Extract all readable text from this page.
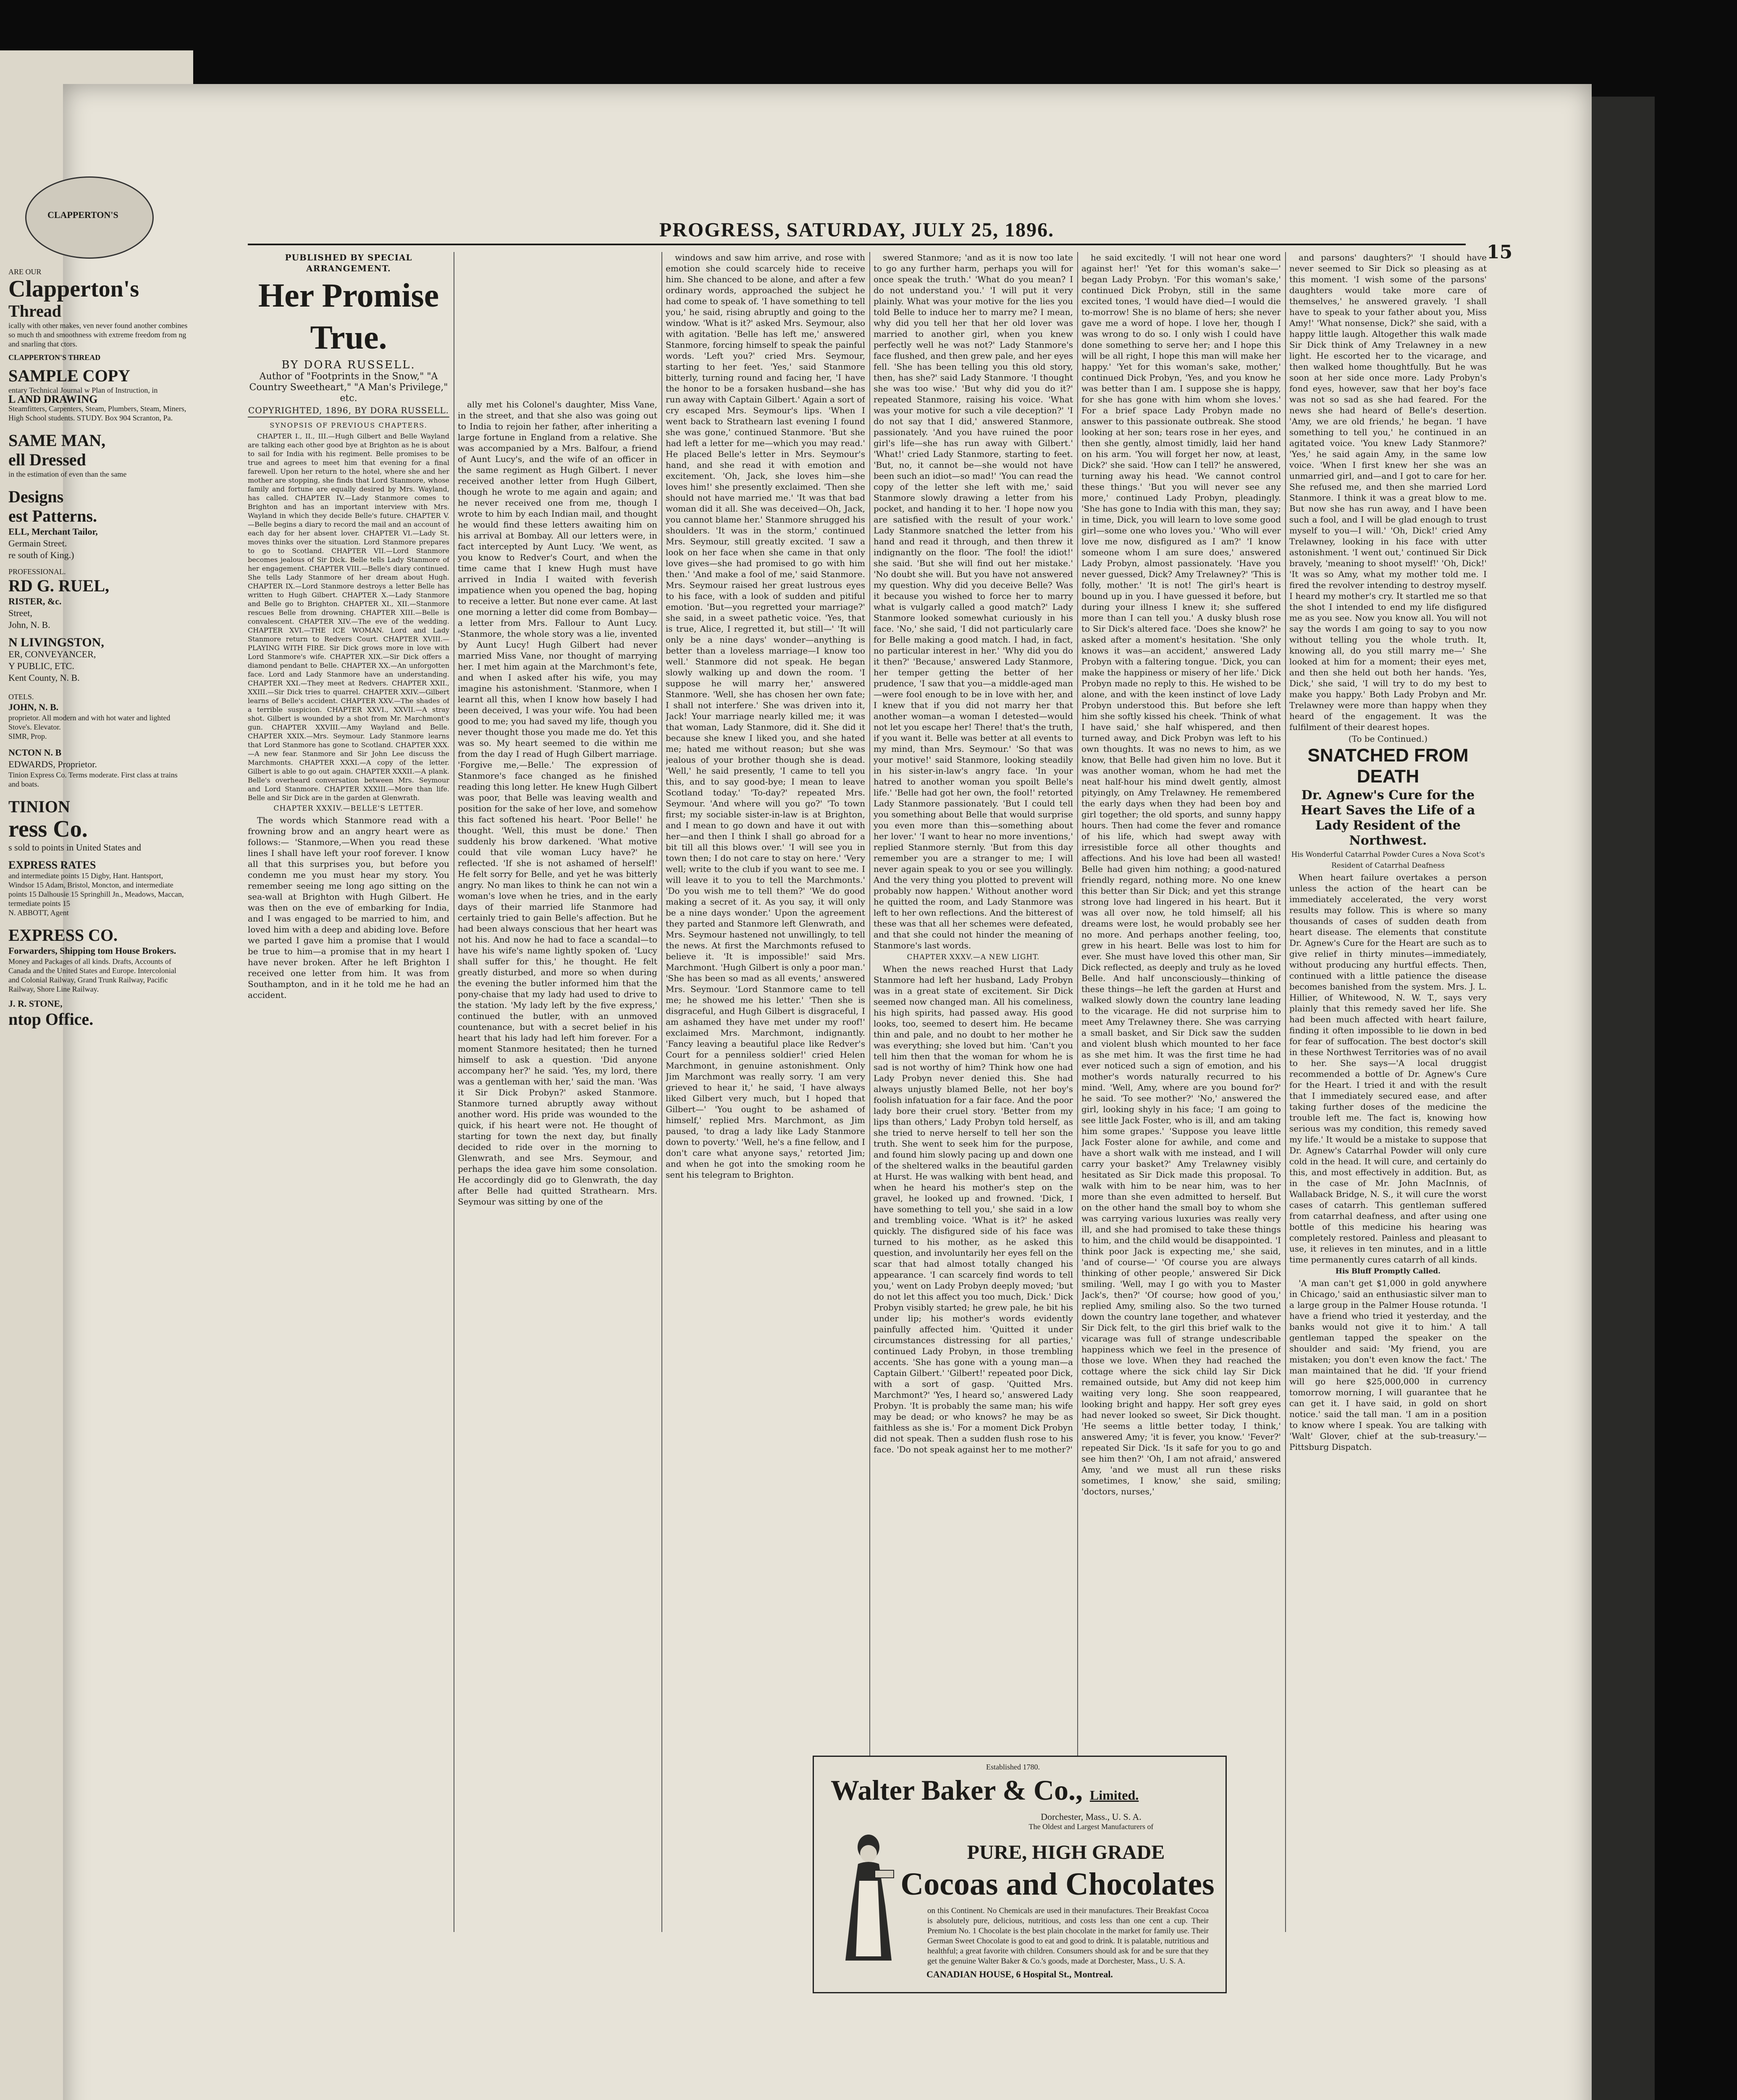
CLAPPERTON'S
ARE OUR
Clapperton's
Thread
ically with other makes, ven never found another combines so much th and smoothness with extreme freedom from ng and snarling that ctors.
CLAPPERTON'S THREAD
SAMPLE COPY
entary Technical Journal w Plan of Instruction, in
L AND DRAWING
Steamfitters, Carpenters, Steam, Plumbers, Steam, Miners, High School students. STUDY. Box 904 Scranton, Pa.
SAME MAN,
ell Dressed
in the estimation of even than the same
Designs
est Patterns.
ELL, Merchant Tailor,
Germain Street.
re south of King.)
PROFESSIONAL.
RD G. RUEL,
RISTER, &c.
Street,
John, N. B.
N LIVINGSTON,
ER, CONVEYANCER,
Y PUBLIC, ETC.
Kent County, N. B.
OTELS.
JOHN, N. B.
proprietor. All modern and with hot water and lighted Stove's. Elevator.
SIMR, Prop.
NCTON N. B
EDWARDS, Proprietor.
Tinion Express Co. Terms moderate. First class at trains and boats.
TINION
ress Co.
s sold to points in United States and
EXPRESS RATES
and intermediate points 15 Digby, Hant. Hantsport, Windsor 15 Adam, Bristol, Moncton, and intermediate points 15 Dalhousie 15 Springhill Jn., Meadows, Maccan, termediate points 15
N. ABBOTT, Agent
EXPRESS CO.
Forwarders, Shipping tom House Brokers.
Money and Packages of all kinds. Drafts, Accounts of Canada and the United States and Europe. Intercolonial and Colonial Railway, Grand Trunk Railway, Pacific Railway, Shore Line Railway.
J. R. STONE,
ntop Office.
PROGRESS, SATURDAY, JULY 25, 1896.
15

PUBLISHED BY SPECIAL ARRANGEMENT.

Her Promise True.

BY DORA RUSSELL.

Author of "Footprints in the Snow," "A Country Sweetheart," "A Man's Privilege," etc.

COPYRIGHTED, 1896, BY DORA RUSSELL.

SYNOPSIS OF PREVIOUS CHAPTERS.

CHAPTER I., II., III.—Hugh Gilbert and Belle Wayland are talking each other good bye at Brighton as he is about to sail for India with his regiment. Belle promises to be true and agrees to meet him that evening for a final farewell. Upon her return to the hotel, where she and her mother are stopping, she finds that Lord Stanmore, whose family and fortune are equally desired by Mrs. Wayland, has called. CHAPTER IV.—Lady Stanmore comes to Brighton and has an important interview with Mrs. Wayland in which they decide Belle's future. CHAPTER V.—Belle begins a diary to record the mail and an account of each day for her absent lover. CHAPTER VI.—Lady St. moves thinks over the situation. Lord Stanmore prepares to go to Scotland. CHAPTER VII.—Lord Stanmore becomes jealous of Sir Dick. Belle tells Lady Stanmore of her engagement. CHAPTER VIII.—Belle's diary continued. She tells Lady Stanmore of her dream about Hugh. CHAPTER IX.—Lord Stanmore destroys a letter Belle has written to Hugh Gilbert. CHAPTER X.—Lady Stanmore and Belle go to Brighton. CHAPTER XI., XII.—Stanmore rescues Belle from drowning. CHAPTER XIII.—Belle is convalescent. CHAPTER XIV.—The eve of the wedding. CHAPTER XVI.—THE ICE WOMAN. Lord and Lady Stanmore return to Redvers Court. CHAPTER XVIII.—PLAYING WITH FIRE. Sir Dick grows more in love with Lord Stanmore's wife. CHAPTER XIX.—Sir Dick offers a diamond pendant to Belle. CHAPTER XX.—An unforgotten face. Lord and Lady Stanmore have an understanding. CHAPTER XXI.—They meet at Redvers. CHAPTER XXII., XXIII.—Sir Dick tries to quarrel. CHAPTER XXIV.—Gilbert learns of Belle's accident. CHAPTER XXV.—The shades of a terrible suspicion. CHAPTER XXVI., XXVII.—A stray shot. Gilbert is wounded by a shot from Mr. Marchmont's gun. CHAPTER XXVIII.—Amy Wayland and Belle. CHAPTER XXIX.—Mrs. Seymour. Lady Stanmore learns that Lord Stanmore has gone to Scotland. CHAPTER XXX.—A new fear. Stanmore and Sir John Lee discuss the Marchmonts. CHAPTER XXXI.—A copy of the letter. Gilbert is able to go out again. CHAPTER XXXII.—A plank. Belle's overheard conversation between Mrs. Seymour and Lord Stanmore. CHAPTER XXXIII.—More than life. Belle and Sir Dick are in the garden at Glenwrath.

CHAPTER XXXIV.—BELLE'S LETTER.

The words which Stanmore read with a frowning brow and an angry heart were as follows:— 'Stanmore,—When you read these lines I shall have left your roof forever. I know all that this surprises you, but before you condemn me you must hear my story. You remember seeing me long ago sitting on the sea-wall at Brighton with Hugh Gilbert. He was then on the eve of embarking for India, and I was engaged to be married to him, and loved him with a deep and abiding love. Before we parted I gave him a promise that I would be true to him—a promise that in my heart I have never broken. After he left Brighton I received one letter from him. It was from Southampton, and in it he told me he had an accident.

ally met his Colonel's daughter, Miss Vane, in the street, and that she also was going out to India to rejoin her father, after inheriting a large fortune in England from a relative. She was accompanied by a Mrs. Balfour, a friend of Aunt Lucy's, and the wife of an officer in the same regiment as Hugh Gilbert. I never received another letter from Hugh Gilbert, though he wrote to me again and again; and he never received one from me, though I wrote to him by each Indian mail, and thought he would find these letters awaiting him on his arrival at Bombay. All our letters were, in fact intercepted by Aunt Lucy. 'We went, as you know to Redver's Court, and when the time came that I knew Hugh must have arrived in India I waited with feverish impatience when you opened the bag, hoping to receive a letter. But none ever came. At last one morning a letter did come from Bombay—a letter from Mrs. Fallour to Aunt Lucy. 'Stanmore, the whole story was a lie, invented by Aunt Lucy! Hugh Gilbert had never married Miss Vane, nor thought of marrying her. I met him again at the Marchmont's fete, and when I asked after his wife, you may imagine his astonishment. 'Stanmore, when I learnt all this, when I know how basely I had been deceived, I was your wife. You had been good to me; you had saved my life, though you never thought those you made me do. Yet this was so. My heart seemed to die within me from the day I read of Hugh Gilbert marriage. 'Forgive me,—Belle.' The expression of Stanmore's face changed as he finished reading this long letter. He knew Hugh Gilbert was poor, that Belle was leaving wealth and position for the sake of her love, and somehow this fact softened his heart. 'Poor Belle!' he thought. 'Well, this must be done.' Then suddenly his brow darkened. 'What motive could that vile woman Lucy have?' he reflected. 'If she is not ashamed of herself!' He felt sorry for Belle, and yet he was bitterly angry. No man likes to think he can not win a woman's love when he tries, and in the early days of their married life Stanmore had certainly tried to gain Belle's affection. But he had been always conscious that her heart was not his. And now he had to face a scandal—to have his wife's name lightly spoken of. 'Lucy shall suffer for this,' he thought. He felt greatly disturbed, and more so when during the evening the butler informed him that the pony-chaise that my lady had used to drive to the station. 'My lady left by the five express,' continued the butler, with an unmoved countenance, but with a secret belief in his heart that his lady had left him forever. For a moment Stanmore hesitated; then he turned himself to ask a question. 'Did anyone accompany her?' he said. 'Yes, my lord, there was a gentleman with her,' said the man. 'Was it Sir Dick Probyn?' asked Stanmore. Stanmore turned abruptly away without another word. His pride was wounded to the quick, if his heart were not. He thought of starting for town the next day, but finally decided to ride over in the morning to Glenwrath, and see Mrs. Seymour, and perhaps the idea gave him some consolation. He accordingly did go to Glenwrath, the day after Belle had quitted Strathearn. Mrs. Seymour was sitting by one of the

windows and saw him arrive, and rose with emotion she could scarcely hide to receive him. She chanced to be alone, and after a few ordinary words, approached the subject he had come to speak of. 'I have something to tell you,' he said, rising abruptly and going to the window. 'What is it?' asked Mrs. Seymour, also with agitation. 'Belle has left me,' answered Stanmore, forcing himself to speak the painful words. 'Left you?' cried Mrs. Seymour, starting to her feet. 'Yes,' said Stanmore bitterly, turning round and facing her, 'I have the honor to be a forsaken husband—she has run away with Captain Gilbert.' Again a sort of cry escaped Mrs. Seymour's lips. 'When I went back to Strathearn last evening I found she was gone,' continued Stanmore. 'But she had left a letter for me—which you may read.' He placed Belle's letter in Mrs. Seymour's hand, and she read it with emotion and excitement. 'Oh, Jack, she loves him—she loves him!' she presently exclaimed. 'Then she should not have married me.' 'It was that bad woman did it all. She was deceived—Oh, Jack, you cannot blame her.' Stanmore shrugged his shoulders. 'It was in the storm,' continued Mrs. Seymour, still greatly excited. 'I saw a look on her face when she came in that only love gives—she had promised to go with him then.' 'And make a fool of me,' said Stanmore. Mrs. Seymour raised her great lustrous eyes to his face, with a look of sudden and pitiful emotion. 'But—you regretted your marriage?' she said, in a sweet pathetic voice. 'Yes, that is true, Alice, I regretted it, but still—' 'It will only be a nine days' wonder—anything is better than a loveless marriage—I know too well.' Stanmore did not speak. He began slowly walking up and down the room. 'I suppose he will marry her,' answered Stanmore. 'Well, she has chosen her own fate; I shall not interfere.' She was driven into it, Jack! Your marriage nearly killed me; it was that woman, Lady Stanmore, did it. She did it because she knew I liked you, and she hated me; hated me without reason; but she was jealous of your brother though she is dead. 'Well,' he said presently, 'I came to tell you this, and to say good-bye; I mean to leave Scotland today.' 'To-day?' repeated Mrs. Seymour. 'And where will you go?' 'To town first; my sociable sister-in-law is at Brighton, and I mean to go down and have it out with her—and then I think I shall go abroad for a bit till all this blows over.' 'I will see you in town then; I do not care to stay on here.' 'Very well; write to the club if you want to see me. I will leave it to you to tell the Marchmonts.' 'Do you wish me to tell them?' 'We do good making a secret of it. As you say, it will only be a nine days wonder.' Upon the agreement they parted and Stanmore left Glenwrath, and Mrs. Seymour hastened not unwillingly, to tell the news. At first the Marchmonts refused to believe it. 'It is impossible!' said Mrs. Marchmont. 'Hugh Gilbert is only a poor man.' 'She has been so mad as all events,' answered Mrs. Seymour. 'Lord Stanmore came to tell me; he showed me his letter.' 'Then she is disgraceful, and Hugh Gilbert is disgraceful, I am ashamed they have met under my roof!' exclaimed Mrs. Marchmont, indignantly. 'Fancy leaving a beautiful place like Redver's Court for a penniless soldier!' cried Helen Marchmont, in genuine astonishment. Only Jim Marchmont was really sorry. 'I am very grieved to hear it,' he said, 'I have always liked Gilbert very much, but I hoped that Gilbert—' 'You ought to be ashamed of himself,' replied Mrs. Marchmont, as Jim paused, 'to drag a lady like Lady Stanmore down to poverty.' 'Well, he's a fine fellow, and I don't care what anyone says,' retorted Jim; and when he got into the smoking room he sent his telegram to Brighton.

swered Stanmore; 'and as it is now too late to go any further harm, perhaps you will for once speak the truth.' 'What do you mean? I do not understand you.' 'I will put it very plainly. What was your motive for the lies you told Belle to induce her to marry me? I mean, why did you tell her that her old lover was married to another girl, when you knew perfectly well he was not?' Lady Stanmore's face flushed, and then grew pale, and her eyes fell. 'She has been telling you this old story, then, has she?' said Lady Stanmore. 'I thought she was too wise.' 'But why did you do it?' repeated Stanmore, raising his voice. 'What was your motive for such a vile deception?' 'I do not say that I did,' answered Stanmore, passionately. 'And you have ruined the poor girl's life—she has run away with Gilbert.' 'What!' cried Lady Stanmore, starting to feet. 'But, no, it cannot be—she would not have been such an idiot—so mad!' 'You can read the copy of the letter she left with me,' said Stanmore slowly drawing a letter from his pocket, and handing it to her. 'I hope now you are satisfied with the result of your work.' Lady Stanmore snatched the letter from his hand and read it through, and then threw it indignantly on the floor. 'The fool! the idiot!' she said. 'But she will find out her mistake.' 'No doubt she will. But you have not answered my question. Why did you deceive Belle? Was it because you wished to force her to marry what is vulgarly called a good match?' Lady Stanmore looked somewhat curiously in his face. 'No,' she said, 'I did not particularly care for Belle making a good match. I had, in fact, no particular interest in her.' 'Why did you do it then?' 'Because,' answered Lady Stanmore, her temper getting the better of her prudence, 'I saw that you—a middle-aged man—were fool enough to be in love with her, and I knew that if you did not marry her that another woman—a woman I detested—would not let you escape her! There! that's the truth, if you want it. Belle was better at all events to my mind, than Mrs. Seymour.' 'So that was your motive!' said Stanmore, looking steadily in his sister-in-law's angry face. 'In your hatred to another woman you spoilt Belle's life.' 'Belle had got her own, the fool!' retorted Lady Stanmore passionately. 'But I could tell you something about Belle that would surprise you even more than this—something about her lover.' 'I want to hear no more inventions,' replied Stanmore sternly. 'But from this day remember you are a stranger to me; I will never again speak to you or see you willingly. And the very thing you plotted to prevent will probably now happen.' Without another word he quitted the room, and Lady Stanmore was left to her own reflections. And the bitterest of these was that all her schemes were defeated, and that she could not hinder the meaning of Stanmore's last words.

CHAPTER XXXV.—A NEW LIGHT.

When the news reached Hurst that Lady Stanmore had left her husband, Lady Probyn was in a great state of excitement. Sir Dick seemed now changed man. All his comeliness, his high spirits, had passed away. His good looks, too, seemed to desert him. He became thin and pale, and no doubt to her mother he was everything; she loved but him. 'Can't you tell him then that the woman for whom he is sad is not worthy of him? Think how one had Lady Probyn never denied this. She had always unjustly blamed Belle, not her boy's foolish infatuation for a fair face. And the poor lady bore their cruel story. 'Better from my lips than others,' Lady Probyn told herself, as she tried to nerve herself to tell her son the truth. She went to seek him for the purpose, and found him slowly pacing up and down one of the sheltered walks in the beautiful garden at Hurst. He was walking with bent head, and when he heard his mother's step on the gravel, he looked up and frowned. 'Dick, I have something to tell you,' she said in a low and trembling voice. 'What is it?' he asked quickly. The disfigured side of his face was turned to his mother, as he asked this question, and involuntarily her eyes fell on the scar that had almost totally changed his appearance. 'I can scarcely find words to tell you,' went on Lady Probyn deeply moved; 'but do not let this affect you too much, Dick.' Dick Probyn visibly started; he grew pale, he bit his under lip; his mother's words evidently painfully affected him. 'Quitted it under circumstances distressing for all parties,' continued Lady Probyn, in those trembling accents. 'She has gone with a young man—a Captain Gilbert.' 'Gilbert!' repeated poor Dick, with a sort of gasp. 'Quitted Mrs. Marchmont?' 'Yes, I heard so,' answered Lady Probyn. 'It is probably the same man; his wife may be dead; or who knows? he may be as faithless as she is.' For a moment Dick Probyn did not speak. Then a sudden flush rose to his face. 'Do not speak against her to me mother?'

he said excitedly. 'I will not hear one word against her!' 'Yet for this woman's sake—' began Lady Probyn. 'For this woman's sake,' continued Dick Probyn, still in the same excited tones, 'I would have died—I would die to-morrow! She is no blame of hers; she never gave me a word of hope. I love her, though I was wrong to do so. I only wish I could have done something to serve her; and I hope this will be all right, I hope this man will make her happy.' 'Yet for this woman's sake, mother,' continued Dick Probyn, 'Yes, and you know he was better than I am. I suppose she is happy, for she has gone with him whom she loves.' For a brief space Lady Probyn made no answer to this passionate outbreak. She stood looking at her son; tears rose in her eyes, and then she gently, almost timidly, laid her hand on his arm. 'You will forget her now, at least, Dick?' she said. 'How can I tell?' he answered, turning away his head. 'We cannot control these things.' 'But you will never see any more,' continued Lady Probyn, pleadingly. 'She has gone to India with this man, they say; in time, Dick, you will learn to love some good girl—some one who loves you.' 'Who will ever love me now, disfigured as I am?' 'I know someone whom I am sure does,' answered Lady Probyn, almost passionately. 'Have you never guessed, Dick? Amy Trelawney?' 'This is folly, mother.' 'It is not! The girl's heart is bound up in you. I have guessed it before, but during your illness I knew it; she suffered more than I can tell you.' A dusky blush rose to Sir Dick's altered face. 'Does she know?' he asked after a moment's hesitation. 'She only knows it was—an accident,' answered Lady Probyn with a faltering tongue. 'Dick, you can make the happiness or misery of her life.' Dick Probyn made no reply to this. He wished to be alone, and with the keen instinct of love Lady Probyn understood this. But before she left him she softly kissed his cheek. 'Think of what I have said,' she half whispered, and then turned away, and Dick Probyn was left to his own thoughts. It was no news to him, as we know, that Belle had given him no love. But it was another woman, whom he had met the neat half-hour his mind dwelt gently, almost pityingly, on Amy Trelawney. He remembered the early days when they had been boy and girl together; the old sports, and sunny happy hours. Then had come the fever and romance of his life, which had swept away with irresistible force all other thoughts and affections. And his love had been all wasted! Belle had given him nothing; a good-natured friendly regard, nothing more. No one knew this better than Sir Dick; and yet this strange strong love had lingered in his heart. But it was all over now, he told himself; all his dreams were lost, he would probably see her no more. And perhaps another feeling, too, grew in his heart. Belle was lost to him for ever. She must have loved this other man, Sir Dick reflected, as deeply and truly as he loved Belle. And half unconsciously—thinking of these things—he left the garden at Hurst and walked slowly down the country lane leading to the vicarage. He did not surprise him to meet Amy Trelawney there. She was carrying a small basket, and Sir Dick saw the sudden and violent blush which mounted to her face as she met him. It was the first time he had ever noticed such a sign of emotion, and his mother's words naturally recurred to his mind. 'Well, Amy, where are you bound for?' he said. 'To see mother?' 'No,' answered the girl, looking shyly in his face; 'I am going to see little Jack Foster, who is ill, and am taking him some grapes.' 'Suppose you leave little Jack Foster alone for awhile, and come and have a short walk with me instead, and I will carry your basket?' Amy Trelawney visibly hesitated as Sir Dick made this proposal. To walk with him to be near him, was to her more than she even admitted to herself. But on the other hand the small boy to whom she was carrying various luxuries was really very ill, and she had promised to take these things to him, and the child would be disappointed. 'I think poor Jack is expecting me,' she said, 'and of course—' 'Of course you are always thinking of other people,' answered Sir Dick smiling. 'Well, may I go with you to Master Jack's, then?' 'Of course; how good of you,' replied Amy, smiling also. So the two turned down the country lane together, and whatever Sir Dick felt, to the girl this brief walk to the vicarage was full of strange undescribable happiness which we feel in the presence of those we love. When they had reached the cottage where the sick child lay Sir Dick remained outside, but Amy did not keep him waiting very long. She soon reappeared, looking bright and happy. Her soft grey eyes had never looked so sweet, Sir Dick thought. 'He seems a little better today, I think,' answered Amy; 'it is fever, you know.' 'Fever?' repeated Sir Dick. 'Is it safe for you to go and see him then?' 'Oh, I am not afraid,' answered Amy, 'and we must all run these risks sometimes, I know,' she said, smiling; 'doctors, nurses,'

and parsons' daughters?' 'I should have never seemed to Sir Dick so pleasing as at this moment. 'I wish some of the parsons' daughters would take more care of themselves,' he answered gravely. 'I shall have to speak to your father about you, Miss Amy!' 'What nonsense, Dick?' she said, with a happy little laugh. Altogether this walk made Sir Dick think of Amy Trelawney in a new light. He escorted her to the vicarage, and then walked home thoughtfully. But he was soon at her side once more. Lady Probyn's fond eyes, however, saw that her boy's face was not so sad as she had feared. For the news she had heard of Belle's desertion. 'Amy, we are old friends,' he began. 'I have something to tell you,' he continued in an agitated voice. 'You knew Lady Stanmore?' 'Yes,' he said again Amy, in the same low voice. 'When I first knew her she was an unmarried girl, and—and I got to care for her. She refused me, and then she married Lord Stanmore. I think it was a great blow to me. But now she has run away, and I have been such a fool, and I will be glad enough to trust myself to you—I will.' 'Oh, Dick!' cried Amy Trelawney, looking in his face with utter astonishment. 'I went out,' continued Sir Dick bravely, 'meaning to shoot myself!' 'Oh, Dick!' 'It was so Amy, what my mother told me. I fired the revolver intending to destroy myself. I heard my mother's cry. It startled me so that the shot I intended to end my life disfigured me as you see. Now you know all. You will not say the words I am going to say to you now without telling you the whole truth. It, knowing all, do you still marry me—' She looked at him for a moment; their eyes met, and then she held out both her hands. 'Yes, Dick,' she said, 'I will try to do my best to make you happy.' Both Lady Probyn and Mr. Trelawney were more than happy when they heard of the engagement. It was the fulfilment of their dearest hopes.

(To be Continued.)

SNATCHED FROM DEATH

Dr. Agnew's Cure for the Heart Saves the Life of a Lady Resident of the Northwest.

His Wonderful Catarrhal Powder Cures a Nova Scot's Resident of Catarrhal Deafness

When heart failure overtakes a person unless the action of the heart can be immediately accelerated, the very worst results may follow. This is where so many thousands of cases of sudden death from heart disease. The elements that constitute Dr. Agnew's Cure for the Heart are such as to give relief in thirty minutes—immediately, without producing any hurtful effects. Then, continued with a little patience the disease becomes banished from the system. Mrs. J. L. Hillier, of Whitewood, N. W. T., says very plainly that this remedy saved her life. She had been much affected with heart failure, finding it often impossible to lie down in bed for fear of suffocation. The best doctor's skill in these Northwest Territories was of no avail to her. She says—'A local druggist recommended a bottle of Dr. Agnew's Cure for the Heart. I tried it and with the result that I immediately secured ease, and after taking further doses of the medicine the trouble left me. The fact is, knowing how serious was my condition, this remedy saved my life.' It would be a mistake to suppose that Dr. Agnew's Catarrhal Powder will only cure cold in the head. It will cure, and certainly do this, and most effectively in addition. But, as in the case of Mr. John MacInnis, of Wallaback Bridge, N. S., it will cure the worst cases of catarrh. This gentleman suffered from catarrhal deafness, and after using one bottle of this medicine his hearing was completely restored. Painless and pleasant to use, it relieves in ten minutes, and in a little time permanently cures catarrh of all kinds.

His Bluff Promptly Called.

'A man can't get $1,000 in gold anywhere in Chicago,' said an enthusiastic silver man to a large group in the Palmer House rotunda. 'I have a friend who tried it yesterday, and the banks would not give it to him.' A tall gentleman tapped the speaker on the shoulder and said: 'My friend, you are mistaken; you don't even know the fact.' The man maintained that he did. 'If your friend will go here $25,000,000 in currency tomorrow morning, I will guarantee that he can get it. I have said, in gold on short notice.' said the tall man. 'I am in a position to know where I speak. You are talking with 'Walt' Glover, chief at the sub-treasury.'—Pittsburg Dispatch.

Established 1780.
Walter Baker & Co., Limited.
Dorchester, Mass., U. S. A.
The Oldest and Largest Manufacturers of
PURE, HIGH GRADE
Cocoas and Chocolates
on this Continent. No Chemicals are used in their manufactures. Their Breakfast Cocoa is absolutely pure, delicious, nutritious, and costs less than one cent a cup. Their Premium No. 1 Chocolate is the best plain chocolate in the market for family use. Their German Sweet Chocolate is good to eat and good to drink. It is palatable, nutritious and healthful; a great favorite with children. Consumers should ask for and be sure that they get the genuine Walter Baker & Co.'s goods, made at Dorchester, Mass., U. S. A.
CANADIAN HOUSE, 6 Hospital St., Montreal.
